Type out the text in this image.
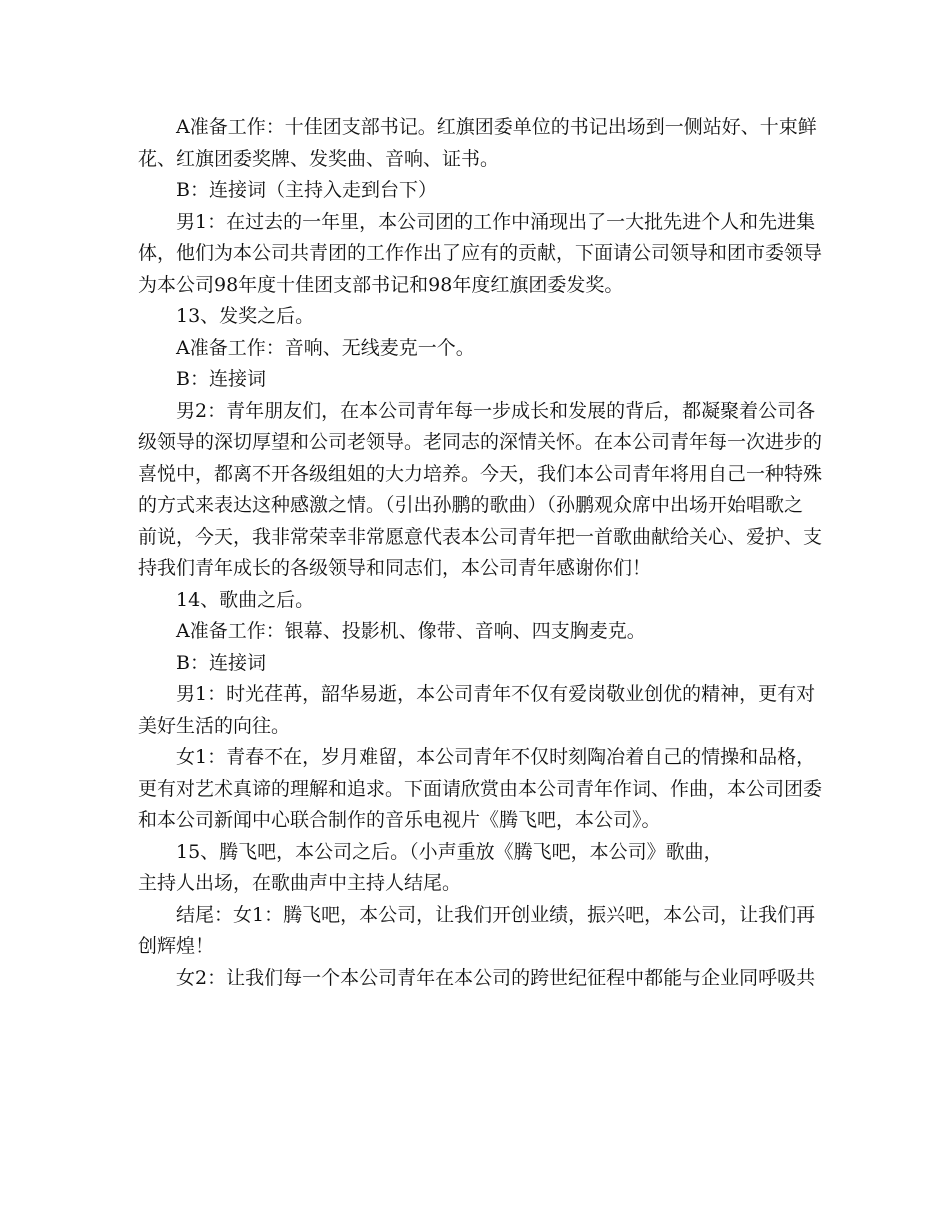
A准备工作：十佳团支部书记。红旗团委单位的书记出场到一侧站好、十束鲜
花、红旗团委奖牌、发奖曲、音响、证书。
B：连接词（主持入走到台下）
男1：在过去的一年里，本公司团的工作中涌现出了一大批先进个人和先进集
体，他们为本公司共青团的工作作出了应有的贡献，下面请公司领导和团市委领导
为本公司98年度十佳团支部书记和98年度红旗团委发奖。
13、发奖之后。
A准备工作：音响、无线麦克一个。
B：连接词
男2：青年朋友们，在本公司青年每一步成长和发展的背后，都凝聚着公司各
级领导的深切厚望和公司老领导。老同志的深情关怀。在本公司青年每一次进步的
喜悦中，都离不开各级组姐的大力培养。今天，我们本公司青年将用自己一种特殊
的方式来表达这种感激之情。（引出孙鹏的歌曲）（孙鹏观众席中出场开始唱歌之
前说，今天，我非常荣幸非常愿意代表本公司青年把一首歌曲献给关心、爱护、支
持我们青年成长的各级领导和同志们，本公司青年感谢你们！
14、歌曲之后。
A准备工作：银幕、投影机、像带、音响、四支胸麦克。
B：连接词
男1：时光荏苒，韶华易逝，本公司青年不仅有爱岗敬业创优的精神，更有对
美好生活的向往。
女1：青春不在，岁月难留，本公司青年不仅时刻陶冶着自己的情操和品格，
更有对艺术真谛的理解和追求。下面请欣赏由本公司青年作词、作曲，本公司团委
和本公司新闻中心联合制作的音乐电视片《腾飞吧，本公司》。
15、腾飞吧，本公司之后。（小声重放《腾飞吧，本公司》歌曲，
主持人出场，在歌曲声中主持人结尾。
结尾：女1：腾飞吧，本公司，让我们开创业绩，振兴吧，本公司，让我们再
创辉煌！
女2：让我们每一个本公司青年在本公司的跨世纪征程中都能与企业同呼吸共
